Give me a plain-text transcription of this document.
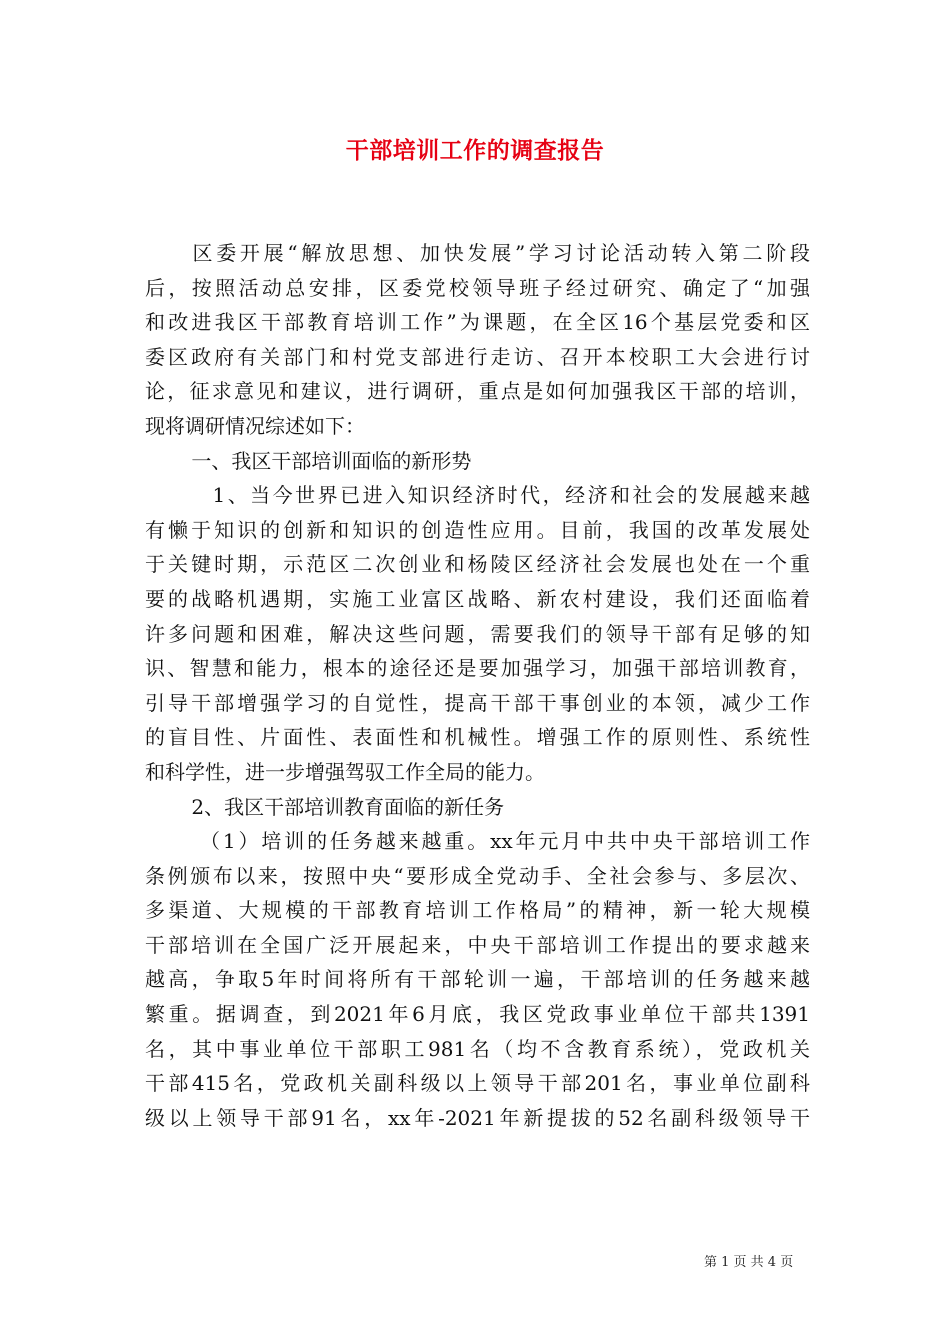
干部培训工作的调查报告
　　区委开展“解放思想、加快发展”学习讨论活动转入第二阶段
后，按照活动总安排，区委党校领导班子经过研究、确定了“加强
和改进我区干部教育培训工作”为课题，在全区16个基层党委和区
委区政府有关部门和村党支部进行走访、召开本校职工大会进行讨
论，征求意见和建议，进行调研，重点是如何加强我区干部的培训，
现将调研情况综述如下：
　　 一、我区干部培训面临的新形势
　　　1、当今世界已进入知识经济时代，经济和社会的发展越来越
有懒于知识的创新和知识的创造性应用。目前，我国的改革发展处
于关键时期，示范区二次创业和杨陵区经济社会发展也处在一个重
要的战略机遇期，实施工业富区战略、新农村建设，我们还面临着
许多问题和困难，解决这些问题，需要我们的领导干部有足够的知
识、智慧和能力，根本的途径还是要加强学习，加强干部培训教育，
引导干部增强学习的自觉性，提高干部干事创业的本领，减少工作
的盲目性、片面性、表面性和机械性。增强工作的原则性、系统性
和科学性，进一步增强驾驭工作全局的能力。
　　 2、我区干部培训教育面临的新任务
　　 （1）培训的任务越来越重。xx年元月中共中央干部培训工作
条例颁布以来，按照中央“要形成全党动手、全社会参与、多层次、
多渠道、大规模的干部教育培训工作格局”的精神，新一轮大规模
干部培训在全国广泛开展起来，中央干部培训工作提出的要求越来
越高，争取5年时间将所有干部轮训一遍，干部培训的任务越来越
繁重。据调查，到2021年6月底，我区党政事业单位干部共1391
名，其中事业单位干部职工981名（均不含教育系统），党政机关
干部415名，党政机关副科级以上领导干部201名，事业单位副科
级以上领导干部91名，xx年-2021年新提拔的52名副科级领导干
第 1 页 共 4 页
